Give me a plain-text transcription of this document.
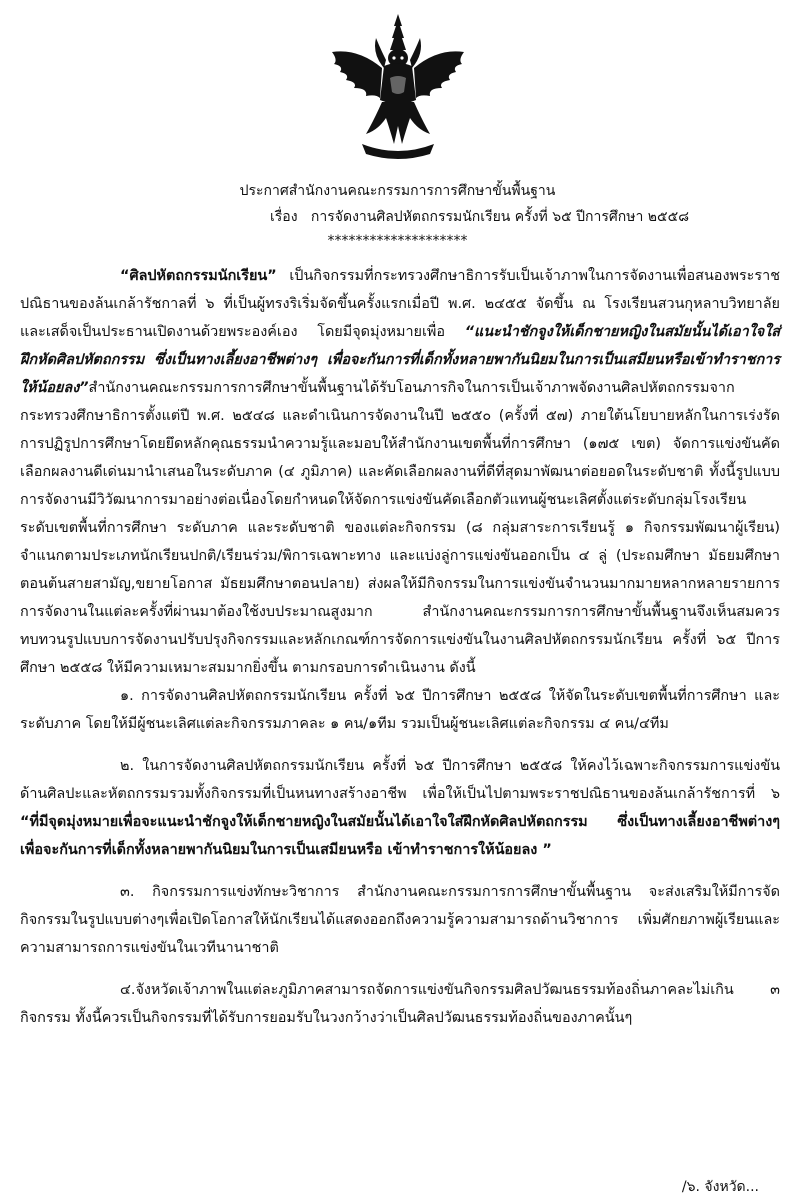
ประกาศสำนักงานคณะกรรมการการศึกษาขั้นพื้นฐาน
เรื่อง การจัดงานศิลปหัตถกรรมนักเรียน ครั้งที่ ๖๕ ปีการศึกษา ๒๕๕๘
********************

“ศิลปหัตถกรรมนักเรียน” เป็นกิจกรรมที่กระทรวงศึกษาธิการรับเป็นเจ้าภาพในการจัดงานเพื่อสนองพระราชปณิธานของล้นเกล้ารัชกาลที่ ๖ ที่เป็นผู้ทรงริเริ่มจัดขึ้นครั้งแรกเมื่อปี พ.ศ. ๒๔๕๕ จัดขึ้น ณ โรงเรียนสวนกุหลาบวิทยาลัย และเสด็จเป็นประธานเปิดงานด้วยพระองค์เอง โดยมีจุดมุ่งหมายเพื่อ “แนะนำชักจูงให้เด็กชายหญิงในสมัยนั้นได้เอาใจใส่ฝึกหัดศิลปหัตถกรรม ซึ่งเป็นทางเลี้ยงอาชีพต่างๆ เพื่อจะกันการที่เด็กทั้งหลายพากันนิยมในการเป็นเสมียนหรือเข้าทำราชการให้น้อยลง”สำนักงานคณะกรรมการการศึกษาขั้นพื้นฐานได้รับโอนภารกิจในการเป็นเจ้าภาพจัดงานศิลปหัตถกรรมจากกระทรวงศึกษาธิการตั้งแต่ปี พ.ศ. ๒๕๔๘ และดำเนินการจัดงานในปี ๒๕๕๐ (ครั้งที่ ๕๗) ภายใต้นโยบายหลักในการเร่งรัดการปฏิรูปการศึกษาโดยยึดหลักคุณธรรมนำความรู้และมอบให้สำนักงานเขตพื้นที่การศึกษา (๑๗๕ เขต) จัดการแข่งขันคัดเลือกผลงานดีเด่นมานำเสนอในระดับภาค (๔ ภูมิภาค) และคัดเลือกผลงานที่ดีที่สุดมาพัฒนาต่อยอดในระดับชาติ ทั้งนี้รูปแบบการจัดงานมีวิวัฒนาการมาอย่างต่อเนื่องโดยกำหนดให้จัดการแข่งขันคัดเลือกตัวแทนผู้ชนะเลิศตั้งแต่ระดับกลุ่มโรงเรียน ระดับเขตพื้นที่การศึกษา ระดับภาค และระดับชาติ ของแต่ละกิจกรรม (๘ กลุ่มสาระการเรียนรู้ ๑ กิจกรรมพัฒนาผู้เรียน) จำแนกตามประเภทนักเรียนปกติ/เรียนร่วม/พิการเฉพาะทาง และแบ่งลู่การแข่งขันออกเป็น ๔ ลู่ (ประถมศึกษา มัธยมศึกษาตอนต้นสายสามัญ,ขยายโอกาส มัธยมศึกษาตอนปลาย) ส่งผลให้มีกิจกรรมในการแข่งขันจำนวนมากมายหลากหลายรายการ การจัดงานในแต่ละครั้งที่ผ่านมาต้องใช้งบประมาณสูงมาก สำนักงานคณะกรรมการการศึกษาขั้นพื้นฐานจึงเห็นสมควรทบทวนรูปแบบการจัดงานปรับปรุงกิจกรรมและหลักเกณฑ์การจัดการแข่งขันในงานศิลปหัตถกรรมนักเรียน ครั้งที่ ๖๕ ปีการศึกษา ๒๕๕๘ ให้มีความเหมาะสมมากยิ่งขึ้น ตามกรอบการดำเนินงาน ดังนี้

๑. การจัดงานศิลปหัตถกรรมนักเรียน ครั้งที่ ๖๕ ปีการศึกษา ๒๕๕๘ ให้จัดในระดับเขตพื้นที่การศึกษา และระดับภาค โดยให้มีผู้ชนะเลิศแต่ละกิจกรรมภาคละ ๑ คน/๑ทีม รวมเป็นผู้ชนะเลิศแต่ละกิจกรรม ๔ คน/๔ทีม

๒. ในการจัดงานศิลปหัตถกรรมนักเรียน ครั้งที่ ๖๕ ปีการศึกษา ๒๕๕๘ ให้คงไว้เฉพาะกิจกรรมการแข่งขันด้านศิลปะและหัตถกรรมรวมทั้งกิจกรรมที่เป็นหนทางสร้างอาชีพ เพื่อให้เป็นไปตามพระราชปณิธานของล้นเกล้ารัชการที่ ๖ “ที่มีจุดมุ่งหมายเพื่อจะแนะนำชักจูงให้เด็กชายหญิงในสมัยนั้นได้เอาใจใส่ฝึกหัดศิลปหัตถกรรม ซึ่งเป็นทางเลี้ยงอาชีพต่างๆ เพื่อจะกันการที่เด็กทั้งหลายพากันนิยมในการเป็นเสมียนหรือ เข้าทำราชการให้น้อยลง ”

๓. กิจกรรมการแข่งทักษะวิชาการ สำนักงานคณะกรรมการการศึกษาขั้นพื้นฐาน จะส่งเสริมให้มีการจัดกิจกรรมในรูปแบบต่างๆเพื่อเปิดโอกาสให้นักเรียนได้แสดงออกถึงความรู้ความสามารถด้านวิชาการ เพิ่มศักยภาพผู้เรียนและความสามารถการแข่งขันในเวทีนานาชาติ

๔.จังหวัดเจ้าภาพในแต่ละภูมิภาคสามารถจัดการแข่งขันกิจกรรมศิลปวัฒนธรรมท้องถิ่นภาคละไม่เกิน ๓ กิจกรรม ทั้งนี้ควรเป็นกิจกรรมที่ได้รับการยอมรับในวงกว้างว่าเป็นศิลปวัฒนธรรมท้องถิ่นของภาคนั้นๆ

/๖. จังหวัด...
